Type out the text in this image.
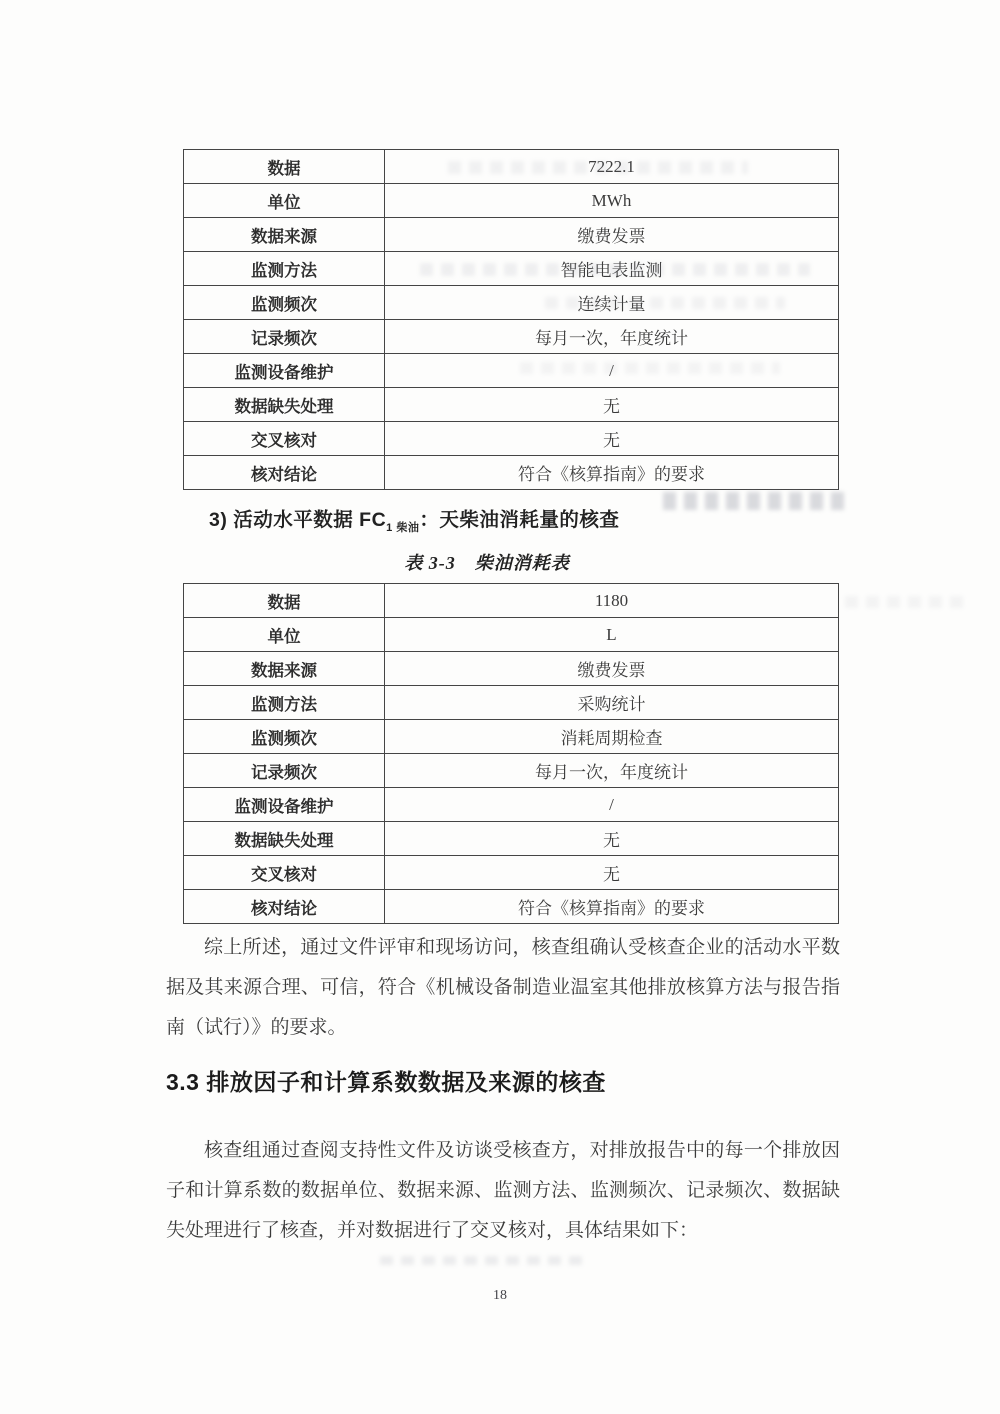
数据	7222.1
单位	MWh
数据来源	缴费发票
监测方法	智能电表监测
监测频次	连续计量
记录频次	每月一次，年度统计
监测设备维护	/
数据缺失处理	无
交叉核对	无
核对结论	符合《核算指南》的要求
3) 活动水平数据 $FC_{1 柴油}$：天柴油消耗量的核查
表 3-3　柴油消耗表
数据	1180
单位	L
数据来源	缴费发票
监测方法	采购统计
监测频次	消耗周期检查
记录频次	每月一次，年度统计
监测设备维护	/
数据缺失处理	无
交叉核对	无
核对结论	符合《核算指南》的要求

综上所述，通过文件评审和现场访问，核查组确认受核查企业的活动水平数据及其来源合理、可信，符合《机械设备制造业温室其他排放核算方法与报告指南（试行）》的要求。

3.3 排放因子和计算系数数据及来源的核查

核查组通过查阅支持性文件及访谈受核查方，对排放报告中的每一个排放因子和计算系数的数据单位、数据来源、监测方法、监测频次、记录频次、数据缺失处理进行了核查，并对数据进行了交叉核对，具体结果如下：

18
